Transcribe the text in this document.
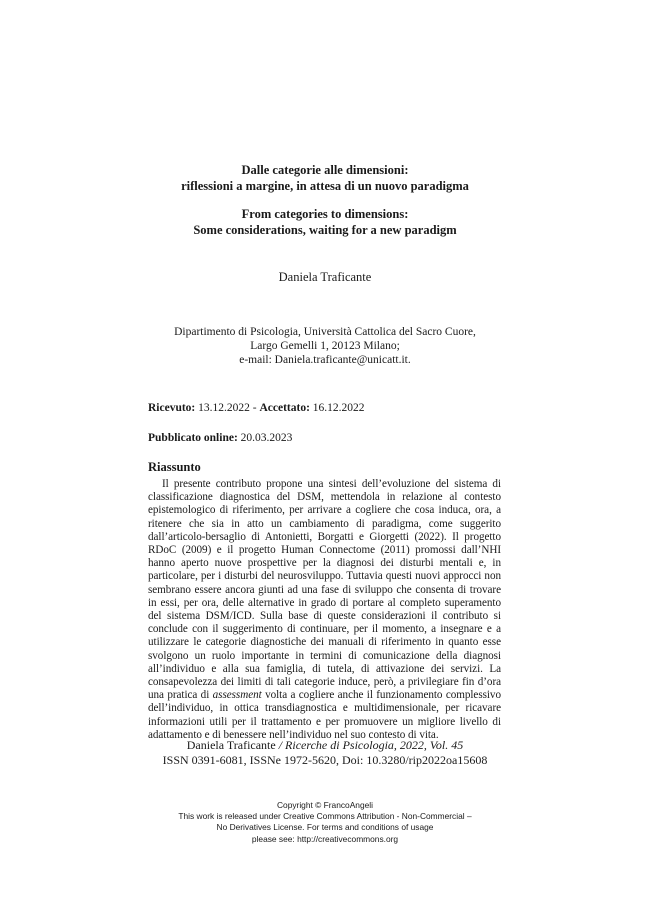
Dalle categorie alle dimensioni:
riflessioni a margine, in attesa di un nuovo paradigma
From categories to dimensions:
Some considerations, waiting for a new paradigm
Daniela Traficante
Dipartimento di Psicologia, Università Cattolica del Sacro Cuore,
Largo Gemelli 1, 20123 Milano;
e-mail: Daniela.traficante@unicatt.it.
Ricevuto: 13.12.2022 - Accettato: 16.12.2022
Pubblicato online: 20.03.2023
Riassunto

Il presente contributo propone una sintesi dell’evoluzione del sistema di classificazione diagnostica del DSM, mettendola in relazione al contesto epistemologico di riferimento, per arrivare a cogliere che cosa induca, ora, a ritenere che sia in atto un cambiamento di paradigma, come suggerito dall’articolo-bersaglio di Antonietti, Borgatti e Giorgetti (2022). Il progetto RDoC (2009) e il progetto Human Connectome (2011) promossi dall’NHI hanno aperto nuove prospettive per la diagnosi dei disturbi mentali e, in particolare, per i disturbi del neurosviluppo. Tuttavia questi nuovi approcci non sembrano essere ancora giunti ad una fase di sviluppo che consenta di trovare in essi, per ora, delle alternative in grado di portare al completo superamento del sistema DSM/ICD. Sulla base di queste considerazioni il contributo si conclude con il suggerimento di continuare, per il momento, a insegnare e a utilizzare le categorie diagnostiche dei manuali di riferimento in quanto esse svolgono un ruolo importante in termini di comunicazione della diagnosi all’individuo e alla sua famiglia, di tutela, di attivazione dei servizi. La consapevolezza dei limiti di tali categorie induce, però, a privilegiare fin d’ora una pratica di assessment volta a cogliere anche il funzionamento complessivo dell’individuo, in ottica transdiagnostica e multidimensionale, per ricavare informazioni utili per il trattamento e per promuovere un migliore livello di adattamento e di benessere nell’individuo nel suo contesto di vita.

Daniela Traficante / Ricerche di Psicologia, 2022, Vol. 45
ISSN 0391-6081, ISSNe 1972-5620, Doi: 10.3280/rip2022oa15608
Copyright © FrancoAngeli
This work is released under Creative Commons Attribution - Non-Commercial –
No Derivatives License. For terms and conditions of usage
please see: http://creativecommons.org
